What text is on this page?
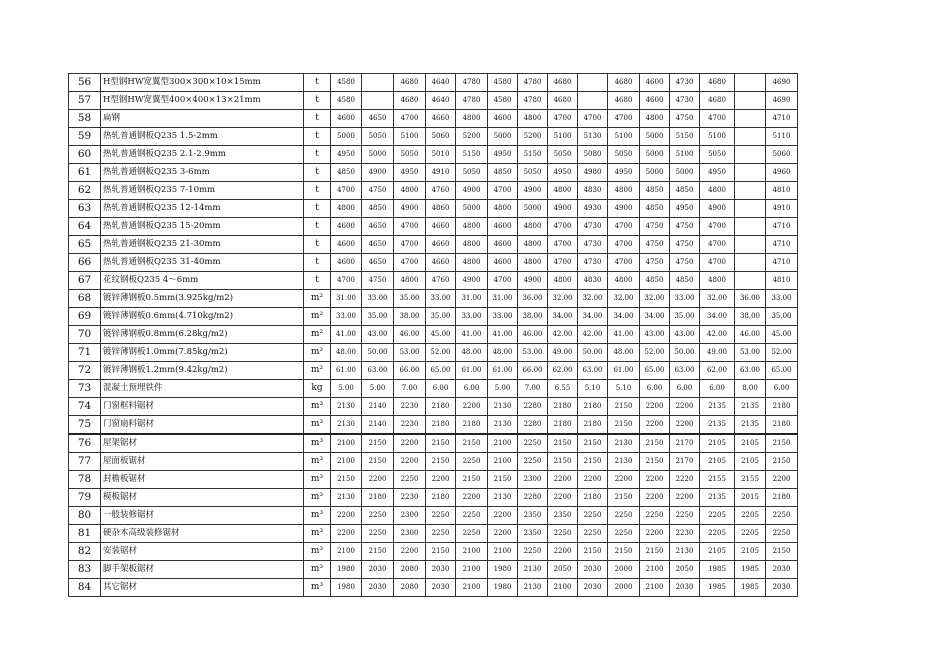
56	H型钢HW宽翼型300×300×10×15mm	t	4580		4680	4640	4780	4580	4780	4680		4680	4600	4730	4680		4690
57	H型钢HW宽翼型400×400×13×21mm	t	4580		4680	4640	4780	4580	4780	4680		4680	4600	4730	4680		4690
58	扁钢	t	4600	4650	4700	4660	4800	4600	4800	4700	4700	4700	4800	4750	4700		4710
59	热轧普通钢板Q235 1.5-2mm	t	5000	5050	5100	5060	5200	5000	5200	5100	5130	5100	5000	5150	5100		5110
60	热轧普通钢板Q235 2.1-2.9mm	t	4950	5000	5050	5010	5150	4950	5150	5050	5080	5050	5000	5100	5050		5060
61	热轧普通钢板Q235 3-6mm	t	4850	4900	4950	4910	5050	4850	5050	4950	4980	4950	5000	5000	4950		4960
62	热轧普通钢板Q235 7-10mm	t	4700	4750	4800	4760	4900	4700	4900	4800	4830	4800	4850	4850	4800		4810
63	热轧普通钢板Q235 12-14mm	t	4800	4850	4900	4860	5000	4800	5000	4900	4930	4900	4850	4950	4900		4910
64	热轧普通钢板Q235 15-20mm	t	4600	4650	4700	4660	4800	4600	4800	4700	4730	4700	4750	4750	4700		4710
65	热轧普通钢板Q235 21-30mm	t	4600	4650	4700	4660	4800	4600	4800	4700	4730	4700	4750	4750	4700		4710
66	热轧普通钢板Q235 31-40mm	t	4600	4650	4700	4660	4800	4600	4800	4700	4730	4700	4750	4750	4700		4710
67	花纹钢板Q235 4～6mm	t	4700	4750	4800	4760	4900	4700	4900	4800	4830	4800	4850	4850	4800		4810
68	镀锌薄钢板0.5mm(3.925kg/m2)	m²	31.00	33.00	35.00	33.00	31.00	31.00	36.00	32.00	32.00	32.00	32.00	33.00	32.00	36.00	33.00
69	镀锌薄钢板0.6mm(4.710kg/m2)	m²	33.00	35.00	38.00	35.00	33.00	33.00	38.00	34.00	34.00	34.00	34.00	35.00	34.00	38.00	35.00
70	镀锌薄钢板0.8mm(6.28kg/m2)	m²	41.00	43.00	46.00	45.00	41.00	41.00	46.00	42.00	42.00	41.00	43.00	43.00	42.00	46.00	45.00
71	镀锌薄钢板1.0mm(7.85kg/m2)	m²	48.00	50.00	53.00	52.00	48.00	48.00	53.00	49.00	50.00	48.00	52.00	50.00	49.00	53.00	52.00
72	镀锌薄钢板1.2mm(9.42kg/m2)	m²	61.00	63.00	66.00	65.00	61.00	61.00	66.00	62.00	63.00	61.00	65.00	63.00	62.00	63.00	65.00
73	混凝土预埋铁件	kg	5.00	5.00	7.00	6.00	6.00	5.00	7.00	6.55	5.10	5.10	6.00	6.00	6.00	8.00	6.00
74	门窗框料锯材	m³	2130	2140	2230	2180	2200	2130	2280	2180	2180	2150	2200	2200	2135	2135	2180
75	门窗扇料锯材	m³	2130	2140	2230	2180	2180	2130	2280	2180	2180	2150	2200	2200	2135	2135	2180
76	屋架锯材	m³	2100	2150	2200	2150	2150	2100	2250	2150	2150	2130	2150	2170	2105	2105	2150
77	屋面板锯材	m³	2100	2150	2200	2150	2250	2100	2250	2150	2150	2130	2150	2170	2105	2105	2150
78	封檐板锯材	m³	2150	2200	2250	2200	2150	2150	2300	2200	2200	2200	2200	2220	2155	2155	2200
79	模板锯材	m³	2130	2180	2230	2180	2200	2130	2280	2200	2180	2150	2200	2200	2135	2015	2180
80	一般装修锯材	m³	2200	2250	2300	2250	2250	2200	2350	2350	2250	2250	2250	2250	2205	2205	2250
81	硬杂木高级装修锯材	m³	2200	2250	2300	2250	2250	2200	2350	2250	2250	2250	2200	2230	2205	2205	2250
82	安装锯材	m³	2100	2150	2200	2150	2100	2100	2250	2200	2150	2150	2150	2130	2105	2105	2150
83	脚手架板锯材	m³	1980	2030	2080	2030	2100	1980	2130	2050	2030	2000	2100	2050	1985	1985	2030
84	其它锯材	m³	1980	2030	2080	2030	2100	1980	2130	2100	2030	2000	2100	2030	1985	1985	2030
